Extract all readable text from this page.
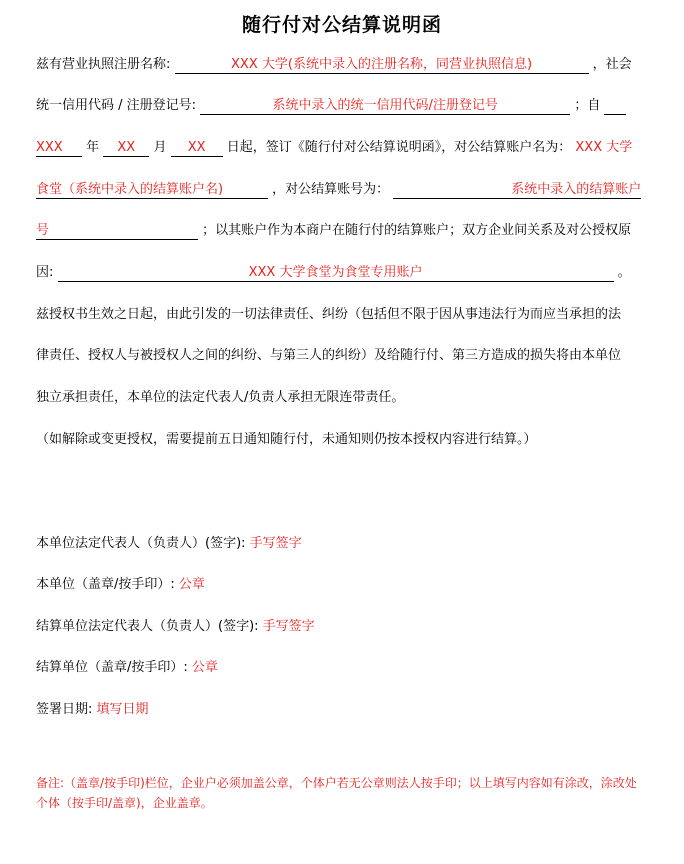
随行付对公结算说明函
兹有营业执照注册名称:	XXX 大学(系统中录入的注册名称，同营业执照信息)	，社会
统一信用代码 / 注册登记号:	系统中录入的统一信用代码/注册登记号	；自
XXX 年 XX 月 XX 日起，签订《随行付对公结算说明函》，对公结算账户名为： XXX 大学
食堂（系统中录入的结算账户名)	，对公结算账号为：	系统中录入的结算账户
号	；以其账户作为本商户在随行付的结算账户；双方企业间关系及对公授权原
因:	XXX 大学食堂为食堂专用账户	。
兹授权书生效之日起，由此引发的一切法律责任、纠纷（包括但不限于因从事违法行为而应当承担的法
律责任、授权人与被授权人之间的纠纷、与第三人的纠纷）及给随行付、第三方造成的损失将由本单位
独立承担责任，本单位的法定代表人/负责人承担无限连带责任。
（如解除或变更授权，需要提前五日通知随行付，未通知则仍按本授权内容进行结算。）
本单位法定代表人（负责人）(签字): 手写签字
本单位（盖章/按手印）: 公章
结算单位法定代表人（负责人）(签字): 手写签字
结算单位（盖章/按手印）: 公章
签署日期: 填写日期
备注:（盖章/按手印)栏位，企业户必须加盖公章，个体户若无公章则法人按手印；以上填写内容如有涂改，涂改处个体（按手印/盖章)，企业盖章。
